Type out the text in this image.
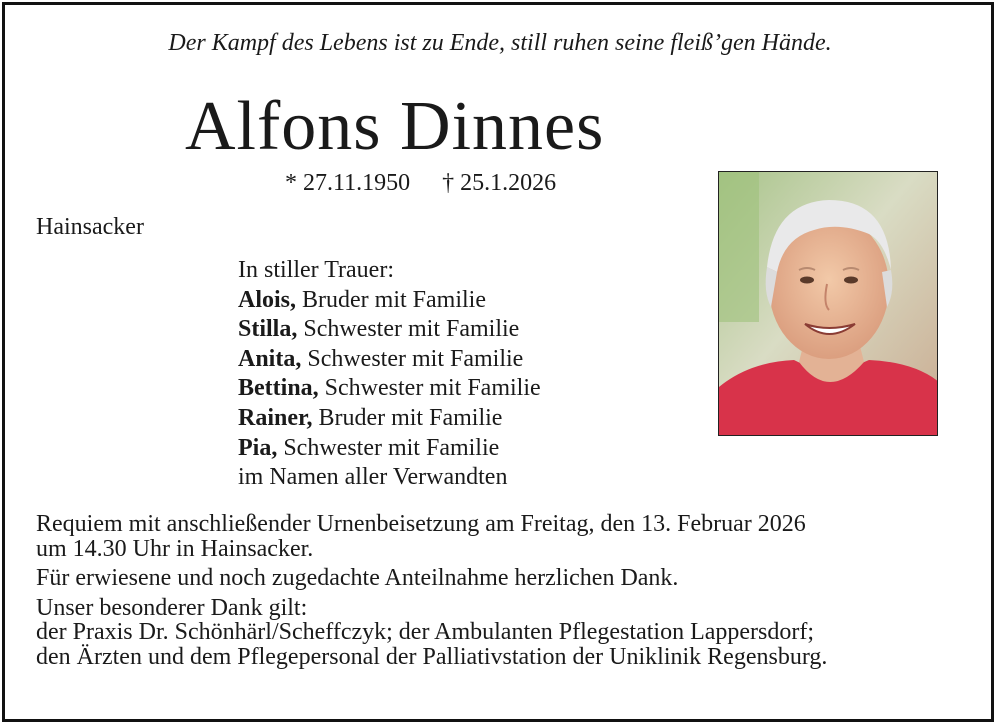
Der Kampf des Lebens ist zu Ende, still ruhen seine fleiß’gen Hände.
Alfons Dinnes
* 27.11.1950 † 25.1.2026
Hainsacker
In stiller Trauer:
Alois, Bruder mit Familie
Stilla, Schwester mit Familie
Anita, Schwester mit Familie
Bettina, Schwester mit Familie
Rainer, Bruder mit Familie
Pia, Schwester mit Familie
im Namen aller Verwandten
Requiem mit anschließender Urnenbeisetzung am Freitag, den 13. Februar 2026
um 14.30 Uhr in Hainsacker.
Für erwiesene und noch zugedachte Anteilnahme herzlichen Dank.
Unser besonderer Dank gilt:
der Praxis Dr. Schönhärl/Scheffczyk; der Ambulanten Pflegestation Lappersdorf;
den Ärzten und dem Pflegepersonal der Palliativstation der Uniklinik Regensburg.
